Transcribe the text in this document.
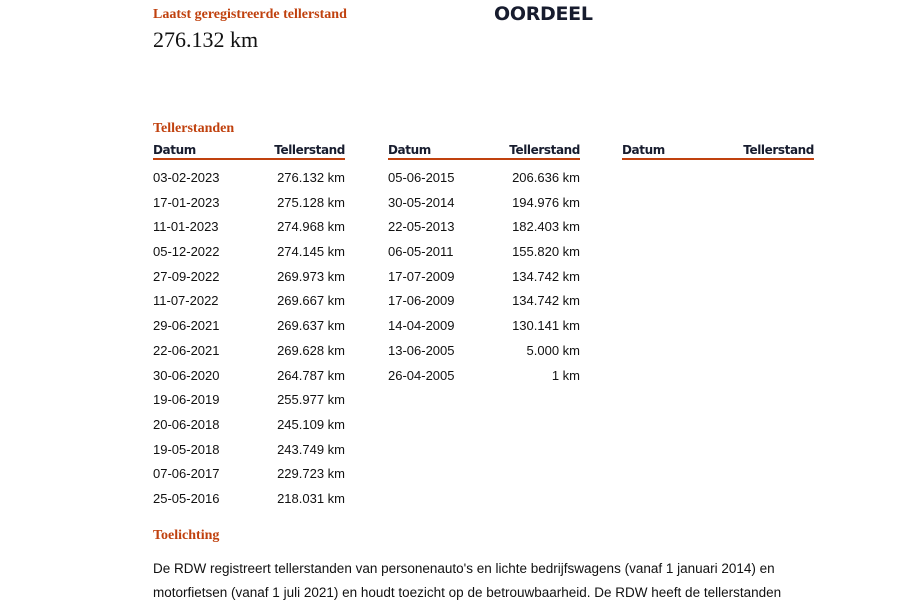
Laatst geregistreerde tellerstand
276.132 km
OORDEEL
Tellerstanden
Datum	Tellerstand
03-02-2023	276.132 km
17-01-2023	275.128 km
11-01-2023	274.968 km
05-12-2022	274.145 km
27-09-2022	269.973 km
11-07-2022	269.667 km
29-06-2021	269.637 km
22-06-2021	269.628 km
30-06-2020	264.787 km
19-06-2019	255.977 km
20-06-2018	245.109 km
19-05-2018	243.749 km
07-06-2017	229.723 km
25-05-2016	218.031 km
Datum	Tellerstand
05-06-2015	206.636 km
30-05-2014	194.976 km
22-05-2013	182.403 km
06-05-2011	155.820 km
17-07-2009	134.742 km
17-06-2009	134.742 km
14-04-2009	130.141 km
13-06-2005	5.000 km
26-04-2005	1 km
Datum	Tellerstand
Toelichting
De RDW registreert tellerstanden van personenauto's en lichte bedrijfswagens (vanaf 1 januari 2014) en
motorfietsen (vanaf 1 juli 2021) en houdt toezicht op de betrouwbaarheid. De RDW heeft de tellerstanden
